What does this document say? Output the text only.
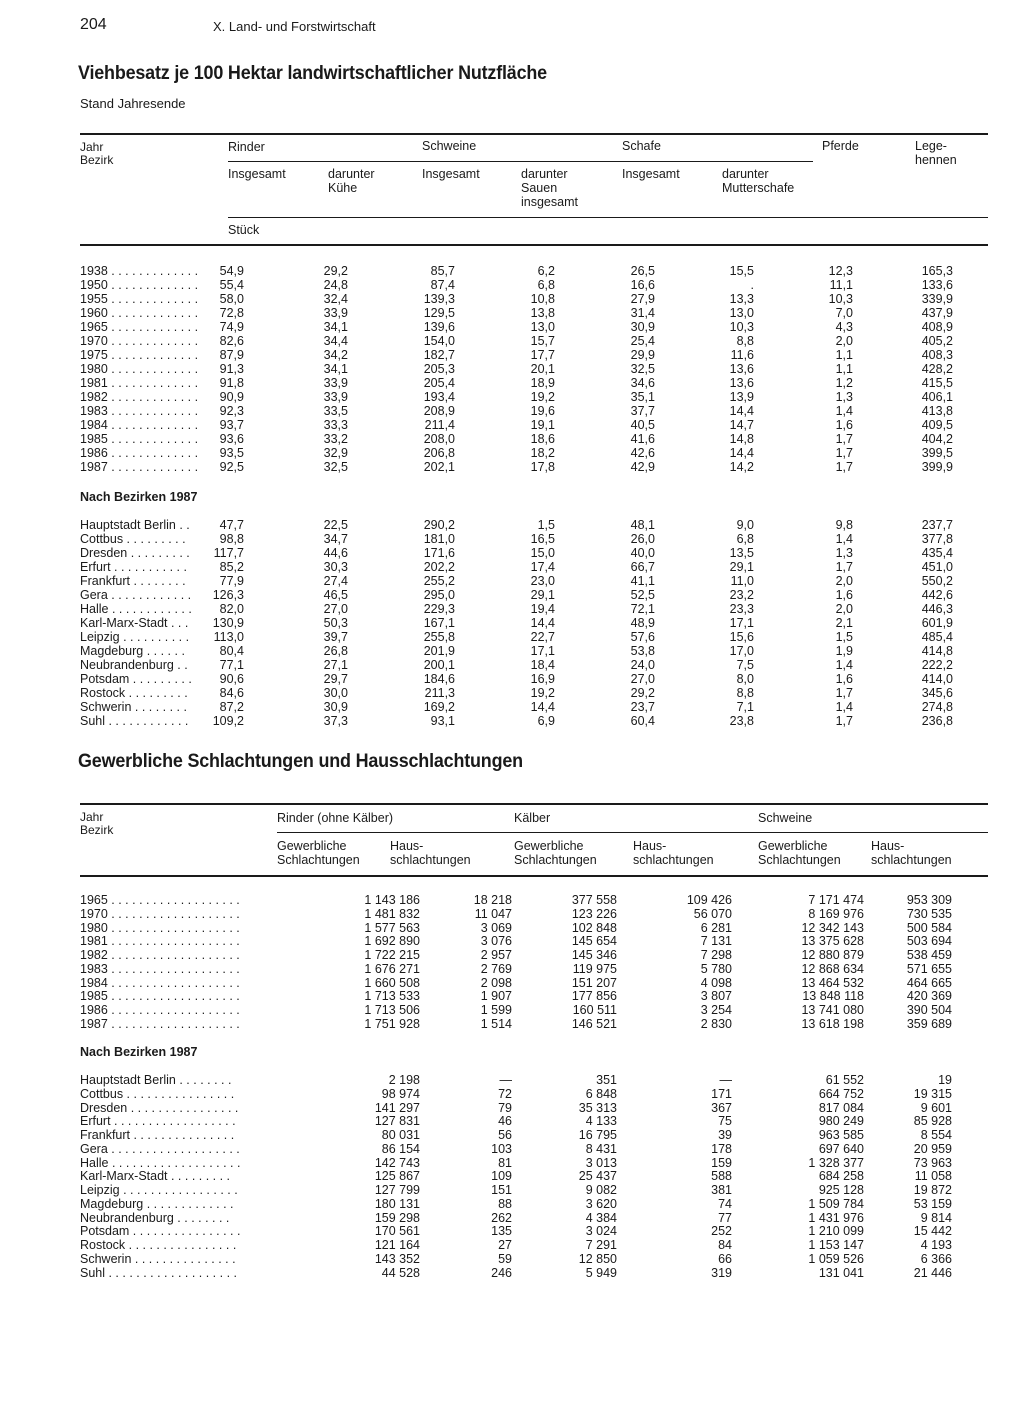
204	X. Land- und Forstwirtschaft
Viehbesatz je 100 Hektar landwirtschaftlicher Nutzfläche
Stand Jahresende
Jahr
Bezirk
Rinder	Schweine	Schafe	Pferde	Lege-
hennen
Insgesamt	darunter
Kühe
Insgesamt	darunter
Sauen
insgesamt
Insgesamt	darunter
Mutterschafe
Stück
1938 . . . . . . . . . . . . .	54,9	29,2	85,7	6,2	26,5	15,5	12,3	165,3
1950 . . . . . . . . . . . . .	55,4	24,8	87,4	6,8	16,6	.	11,1	133,6
1955 . . . . . . . . . . . . .	58,0	32,4	139,3	10,8	27,9	13,3	10,3	339,9
1960 . . . . . . . . . . . . .	72,8	33,9	129,5	13,8	31,4	13,0	7,0	437,9
1965 . . . . . . . . . . . . .	74,9	34,1	139,6	13,0	30,9	10,3	4,3	408,9
1970 . . . . . . . . . . . . .	82,6	34,4	154,0	15,7	25,4	8,8	2,0	405,2
1975 . . . . . . . . . . . . .	87,9	34,2	182,7	17,7	29,9	11,6	1,1	408,3
1980 . . . . . . . . . . . . .	91,3	34,1	205,3	20,1	32,5	13,6	1,1	428,2
1981 . . . . . . . . . . . . .	91,8	33,9	205,4	18,9	34,6	13,6	1,2	415,5
1982 . . . . . . . . . . . . .	90,9	33,9	193,4	19,2	35,1	13,9	1,3	406,1
1983 . . . . . . . . . . . . .	92,3	33,5	208,9	19,6	37,7	14,4	1,4	413,8
1984 . . . . . . . . . . . . .	93,7	33,3	211,4	19,1	40,5	14,7	1,6	409,5
1985 . . . . . . . . . . . . .	93,6	33,2	208,0	18,6	41,6	14,8	1,7	404,2
1986 . . . . . . . . . . . . .	93,5	32,9	206,8	18,2	42,6	14,4	1,7	399,5
1987 . . . . . . . . . . . . .	92,5	32,5	202,1	17,8	42,9	14,2	1,7	399,9
Nach Bezirken 1987
Hauptstadt Berlin . .	47,7	22,5	290,2	1,5	48,1	9,0	9,8	237,7
Cottbus . . . . . . . . .	98,8	34,7	181,0	16,5	26,0	6,8	1,4	377,8
Dresden . . . . . . . . .	117,7	44,6	171,6	15,0	40,0	13,5	1,3	435,4
Erfurt . . . . . . . . . . .	85,2	30,3	202,2	17,4	66,7	29,1	1,7	451,0
Frankfurt . . . . . . . .	77,9	27,4	255,2	23,0	41,1	11,0	2,0	550,2
Gera . . . . . . . . . . . .	126,3	46,5	295,0	29,1	52,5	23,2	1,6	442,6
Halle . . . . . . . . . . . .	82,0	27,0	229,3	19,4	72,1	23,3	2,0	446,3
Karl-Marx-Stadt . . .	130,9	50,3	167,1	14,4	48,9	17,1	2,1	601,9
Leipzig . . . . . . . . . .	113,0	39,7	255,8	22,7	57,6	15,6	1,5	485,4
Magdeburg . . . . . .	80,4	26,8	201,9	17,1	53,8	17,0	1,9	414,8
Neubrandenburg . .	77,1	27,1	200,1	18,4	24,0	7,5	1,4	222,2
Potsdam . . . . . . . . .	90,6	29,7	184,6	16,9	27,0	8,0	1,6	414,0
Rostock . . . . . . . . .	84,6	30,0	211,3	19,2	29,2	8,8	1,7	345,6
Schwerin . . . . . . . .	87,2	30,9	169,2	14,4	23,7	7,1	1,4	274,8
Suhl . . . . . . . . . . . .	109,2	37,3	93,1	6,9	60,4	23,8	1,7	236,8
Gewerbliche Schlachtungen und Hausschlachtungen
Jahr
Bezirk
Rinder (ohne Kälber)	Kälber	Schweine
Gewerbliche
Schlachtungen
Haus-
schlachtungen
Gewerbliche
Schlachtungen
Haus-
schlachtungen
Gewerbliche
Schlachtungen
Haus-
schlachtungen
1965 . . . . . . . . . . . . . . . . . . .	1 143 186	18 218	377 558	109 426	7 171 474	953 309
1970 . . . . . . . . . . . . . . . . . . .	1 481 832	11 047	123 226	56 070	8 169 976	730 535
1980 . . . . . . . . . . . . . . . . . . .	1 577 563	3 069	102 848	6 281	12 342 143	500 584
1981 . . . . . . . . . . . . . . . . . . .	1 692 890	3 076	145 654	7 131	13 375 628	503 694
1982 . . . . . . . . . . . . . . . . . . .	1 722 215	2 957	145 346	7 298	12 880 879	538 459
1983 . . . . . . . . . . . . . . . . . . .	1 676 271	2 769	119 975	5 780	12 868 634	571 655
1984 . . . . . . . . . . . . . . . . . . .	1 660 508	2 098	151 207	4 098	13 464 532	464 665
1985 . . . . . . . . . . . . . . . . . . .	1 713 533	1 907	177 856	3 807	13 848 118	420 369
1986 . . . . . . . . . . . . . . . . . . .	1 713 506	1 599	160 511	3 254	13 741 080	390 504
1987 . . . . . . . . . . . . . . . . . . .	1 751 928	1 514	146 521	2 830	13 618 198	359 689
Nach Bezirken 1987
Hauptstadt Berlin . . . . . . . .	2 198	—	351	—	61 552	19
Cottbus . . . . . . . . . . . . . . . .	98 974	72	6 848	171	664 752	19 315
Dresden . . . . . . . . . . . . . . . .	141 297	79	35 313	367	817 084	9 601
Erfurt . . . . . . . . . . . . . . . . . .	127 831	46	4 133	75	980 249	85 928
Frankfurt . . . . . . . . . . . . . . .	80 031	56	16 795	39	963 585	8 554
Gera . . . . . . . . . . . . . . . . . . .	86 154	103	8 431	178	697 640	20 959
Halle . . . . . . . . . . . . . . . . . . .	142 743	81	3 013	159	1 328 377	73 963
Karl-Marx-Stadt . . . . . . . . .	125 867	109	25 437	588	684 258	11 058
Leipzig . . . . . . . . . . . . . . . . .	127 799	151	9 082	381	925 128	19 872
Magdeburg . . . . . . . . . . . . .	180 131	88	3 620	74	1 509 784	53 159
Neubrandenburg . . . . . . . .	159 298	262	4 384	77	1 431 976	9 814
Potsdam . . . . . . . . . . . . . . . .	170 561	135	3 024	252	1 210 099	15 442
Rostock . . . . . . . . . . . . . . . .	121 164	27	7 291	84	1 153 147	4 193
Schwerin . . . . . . . . . . . . . . .	143 352	59	12 850	66	1 059 526	6 366
Suhl . . . . . . . . . . . . . . . . . . .	44 528	246	5 949	319	131 041	21 446
